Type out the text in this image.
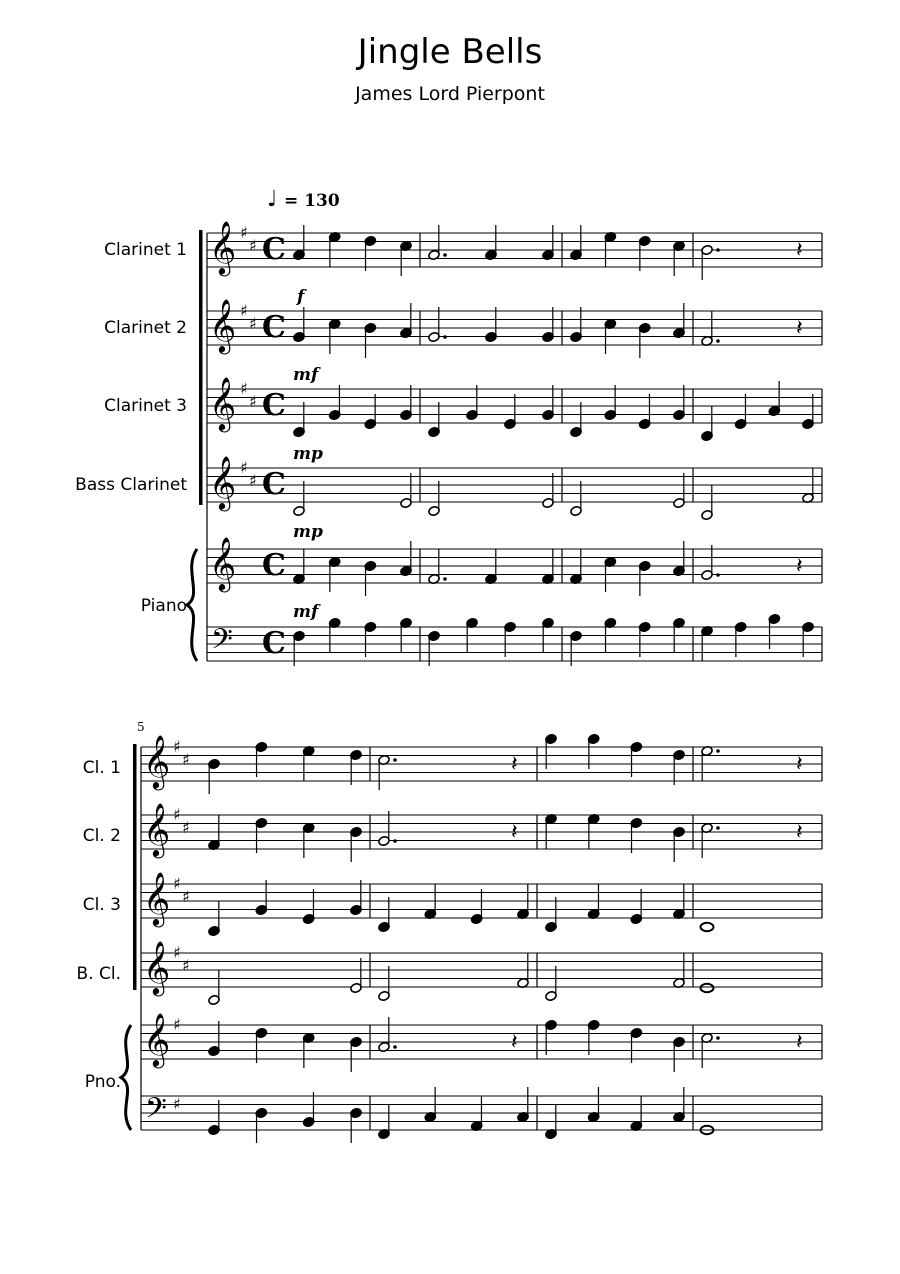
Jingle Bells
James Lord Pierpont
♩ = 130
Clarinet 1
Clarinet 2
Clarinet 3
Bass Clarinet
Piano
f
mf
mp
mp
mf
5
Cl. 1
Cl. 2
Cl. 3
B. Cl.
Pno.
𝄞 ♯
♯ C	𝄽
𝄞 ♯
♯ C	𝄽
𝄞 ♯
♯ C
𝄞 ♯
♯ C
𝄞 C	𝄽
𝄢 C
𝄞 ♯
♯	𝄽	𝄽
𝄞 ♯
♯	𝄽	𝄽
𝄞 ♯
♯
𝄞 ♯
♯
𝄞 ♯
𝄽	𝄽
𝄢 ♯
